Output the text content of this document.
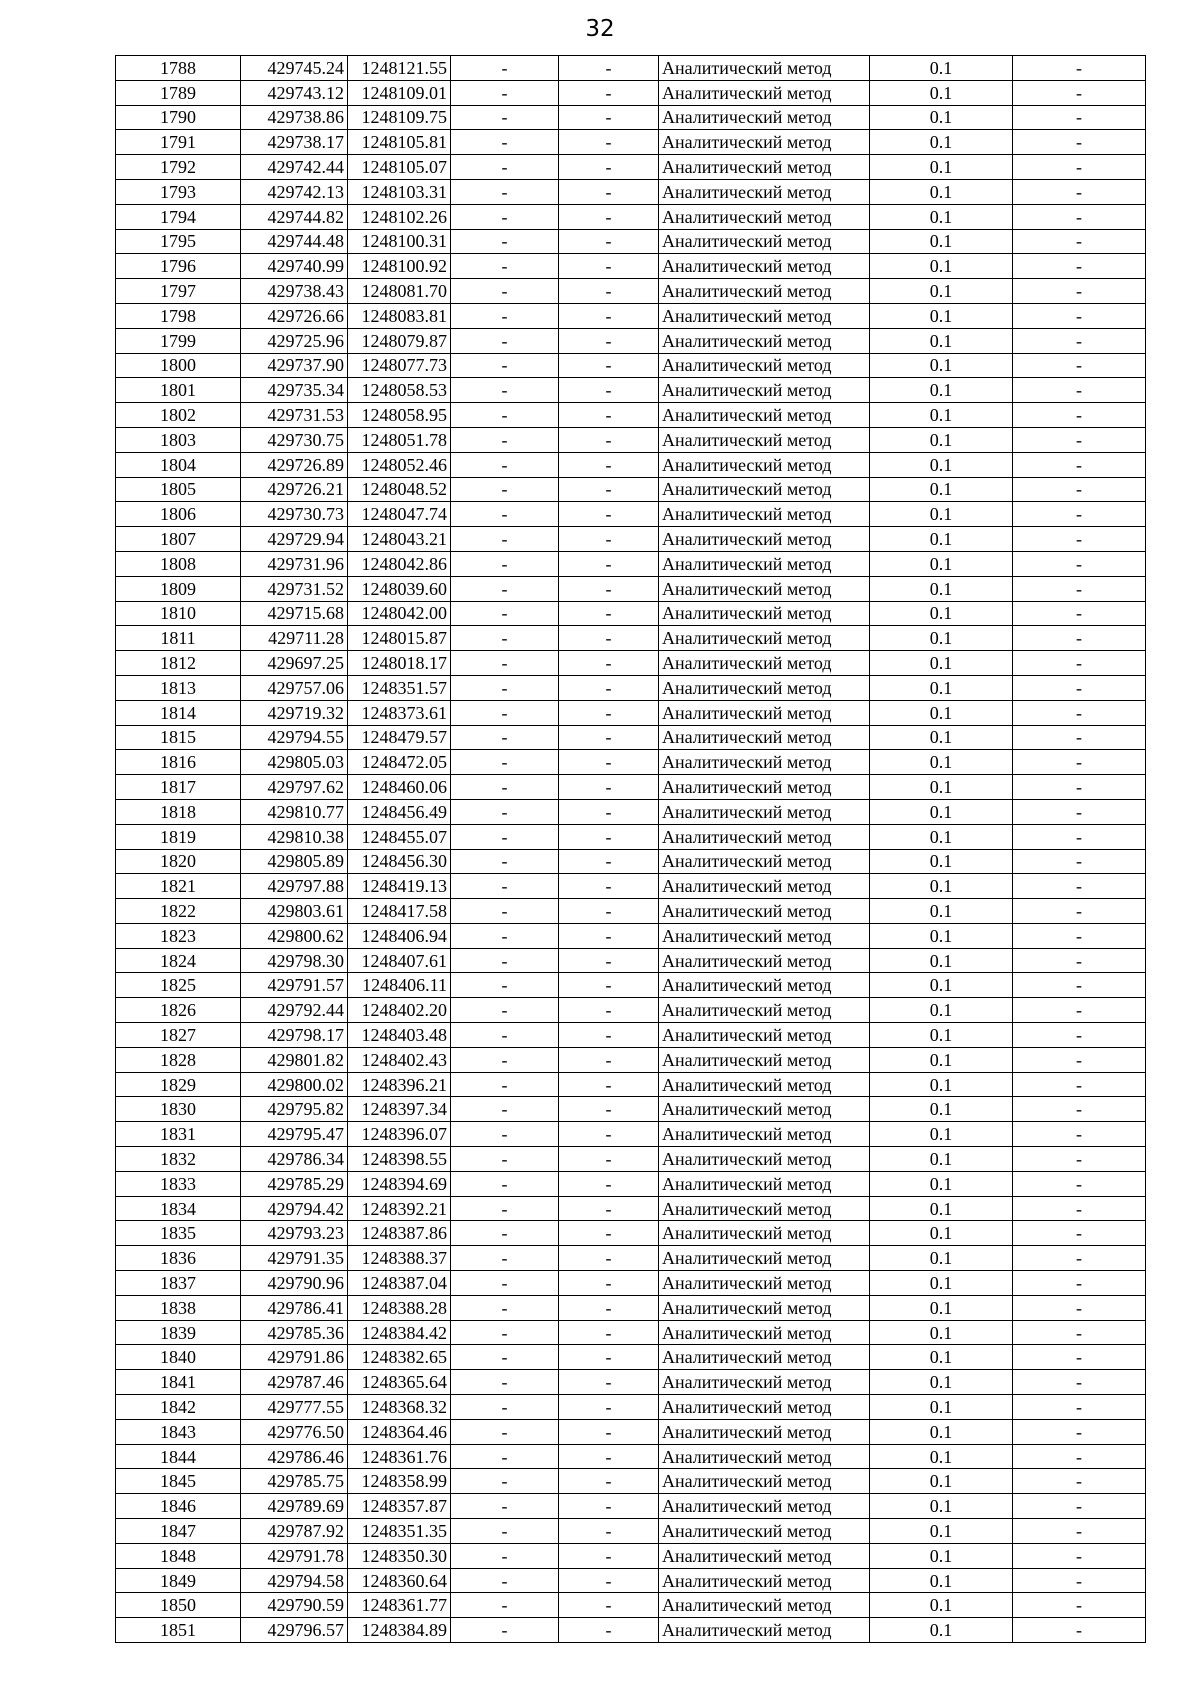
32
1788	429745.24	1248121.55	-	-	Аналитический метод	0.1	-
1789	429743.12	1248109.01	-	-	Аналитический метод	0.1	-
1790	429738.86	1248109.75	-	-	Аналитический метод	0.1	-
1791	429738.17	1248105.81	-	-	Аналитический метод	0.1	-
1792	429742.44	1248105.07	-	-	Аналитический метод	0.1	-
1793	429742.13	1248103.31	-	-	Аналитический метод	0.1	-
1794	429744.82	1248102.26	-	-	Аналитический метод	0.1	-
1795	429744.48	1248100.31	-	-	Аналитический метод	0.1	-
1796	429740.99	1248100.92	-	-	Аналитический метод	0.1	-
1797	429738.43	1248081.70	-	-	Аналитический метод	0.1	-
1798	429726.66	1248083.81	-	-	Аналитический метод	0.1	-
1799	429725.96	1248079.87	-	-	Аналитический метод	0.1	-
1800	429737.90	1248077.73	-	-	Аналитический метод	0.1	-
1801	429735.34	1248058.53	-	-	Аналитический метод	0.1	-
1802	429731.53	1248058.95	-	-	Аналитический метод	0.1	-
1803	429730.75	1248051.78	-	-	Аналитический метод	0.1	-
1804	429726.89	1248052.46	-	-	Аналитический метод	0.1	-
1805	429726.21	1248048.52	-	-	Аналитический метод	0.1	-
1806	429730.73	1248047.74	-	-	Аналитический метод	0.1	-
1807	429729.94	1248043.21	-	-	Аналитический метод	0.1	-
1808	429731.96	1248042.86	-	-	Аналитический метод	0.1	-
1809	429731.52	1248039.60	-	-	Аналитический метод	0.1	-
1810	429715.68	1248042.00	-	-	Аналитический метод	0.1	-
1811	429711.28	1248015.87	-	-	Аналитический метод	0.1	-
1812	429697.25	1248018.17	-	-	Аналитический метод	0.1	-
1813	429757.06	1248351.57	-	-	Аналитический метод	0.1	-
1814	429719.32	1248373.61	-	-	Аналитический метод	0.1	-
1815	429794.55	1248479.57	-	-	Аналитический метод	0.1	-
1816	429805.03	1248472.05	-	-	Аналитический метод	0.1	-
1817	429797.62	1248460.06	-	-	Аналитический метод	0.1	-
1818	429810.77	1248456.49	-	-	Аналитический метод	0.1	-
1819	429810.38	1248455.07	-	-	Аналитический метод	0.1	-
1820	429805.89	1248456.30	-	-	Аналитический метод	0.1	-
1821	429797.88	1248419.13	-	-	Аналитический метод	0.1	-
1822	429803.61	1248417.58	-	-	Аналитический метод	0.1	-
1823	429800.62	1248406.94	-	-	Аналитический метод	0.1	-
1824	429798.30	1248407.61	-	-	Аналитический метод	0.1	-
1825	429791.57	1248406.11	-	-	Аналитический метод	0.1	-
1826	429792.44	1248402.20	-	-	Аналитический метод	0.1	-
1827	429798.17	1248403.48	-	-	Аналитический метод	0.1	-
1828	429801.82	1248402.43	-	-	Аналитический метод	0.1	-
1829	429800.02	1248396.21	-	-	Аналитический метод	0.1	-
1830	429795.82	1248397.34	-	-	Аналитический метод	0.1	-
1831	429795.47	1248396.07	-	-	Аналитический метод	0.1	-
1832	429786.34	1248398.55	-	-	Аналитический метод	0.1	-
1833	429785.29	1248394.69	-	-	Аналитический метод	0.1	-
1834	429794.42	1248392.21	-	-	Аналитический метод	0.1	-
1835	429793.23	1248387.86	-	-	Аналитический метод	0.1	-
1836	429791.35	1248388.37	-	-	Аналитический метод	0.1	-
1837	429790.96	1248387.04	-	-	Аналитический метод	0.1	-
1838	429786.41	1248388.28	-	-	Аналитический метод	0.1	-
1839	429785.36	1248384.42	-	-	Аналитический метод	0.1	-
1840	429791.86	1248382.65	-	-	Аналитический метод	0.1	-
1841	429787.46	1248365.64	-	-	Аналитический метод	0.1	-
1842	429777.55	1248368.32	-	-	Аналитический метод	0.1	-
1843	429776.50	1248364.46	-	-	Аналитический метод	0.1	-
1844	429786.46	1248361.76	-	-	Аналитический метод	0.1	-
1845	429785.75	1248358.99	-	-	Аналитический метод	0.1	-
1846	429789.69	1248357.87	-	-	Аналитический метод	0.1	-
1847	429787.92	1248351.35	-	-	Аналитический метод	0.1	-
1848	429791.78	1248350.30	-	-	Аналитический метод	0.1	-
1849	429794.58	1248360.64	-	-	Аналитический метод	0.1	-
1850	429790.59	1248361.77	-	-	Аналитический метод	0.1	-
1851	429796.57	1248384.89	-	-	Аналитический метод	0.1	-
